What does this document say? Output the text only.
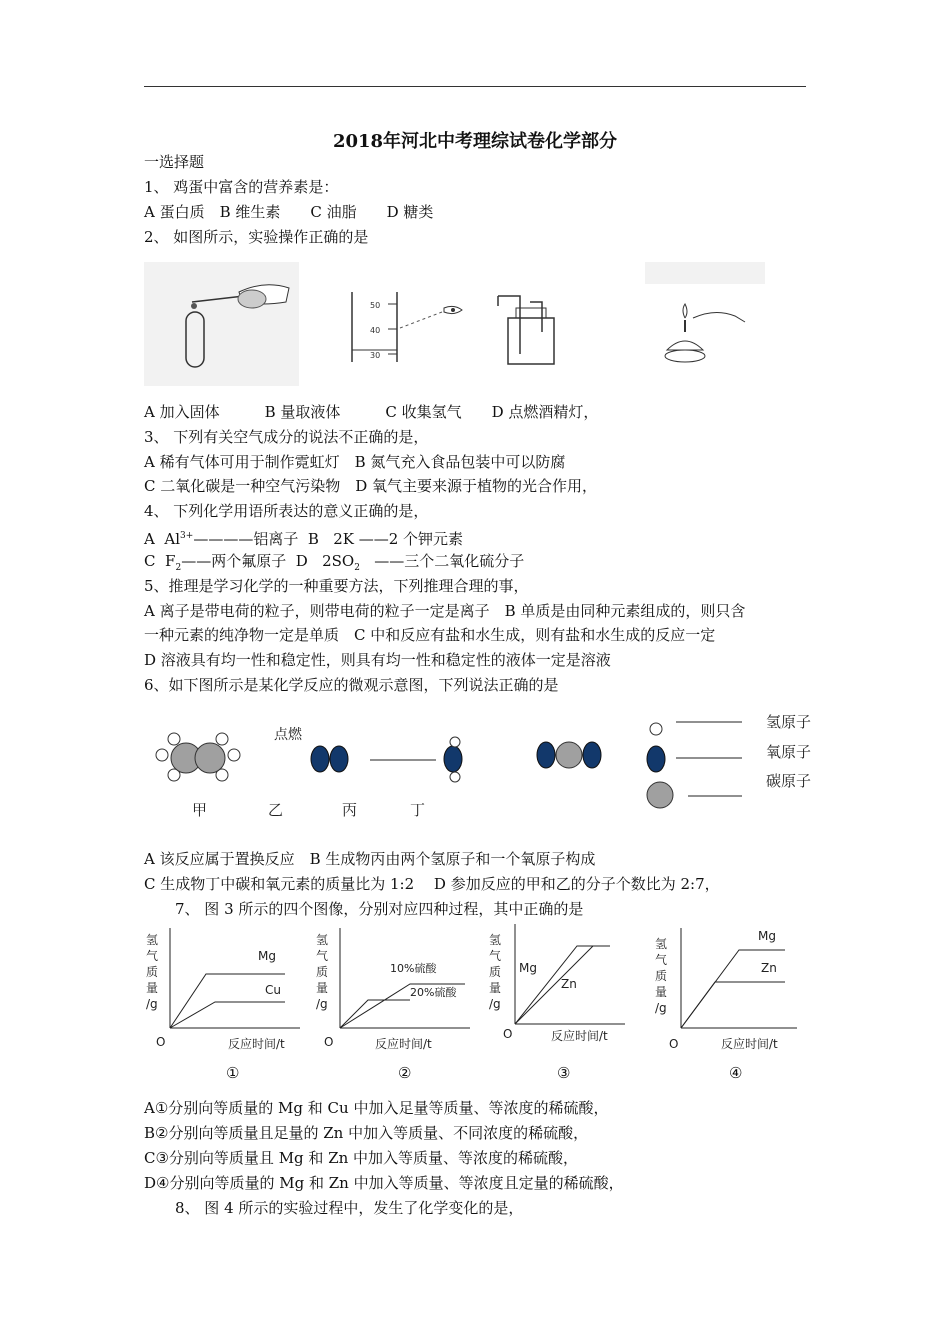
2018年河北中考理综试卷化学部分
一选择题
1、 鸡蛋中富含的营养素是：
A 蛋白质　B 维生素　　C 油脂　　D 糖类
2、 如图所示，实验操作正确的是
50
40
30
A 加入固体　　　B 量取液体　　　C 收集氢气　　D 点燃酒精灯，
3、 下列有关空气成分的说法不正确的是，
A 稀有气体可用于制作霓虹灯　B 氮气充入食品包装中可以防腐
C 二氧化碳是一种空气污染物　D 氧气主要来源于植物的光合作用，
4、 下列化学用语所表达的意义正确的是，
A $Al^{3+}————$铝离子 B 2K ——2 个钾元素
C $F_2——$两个氟原子 D $2SO_2$ ——三个二氧化硫分子
5、推理是学习化学的一种重要方法，下列推理合理的事，
A 离子是带电荷的粒子，则带电荷的粒子一定是离子　B 单质是由同种元素组成的，则只含
一种元素的纯净物一定是单质　C 中和反应有盐和水生成，则有盐和水生成的反应一定
D 溶液具有均一性和稳定性，则具有均一性和稳定性的液体一定是溶液
6、如下图所示是某化学反应的微观示意图，下列说法正确的是
点燃
甲	乙	丙	丁
氢原子
氧原子
碳原子
A 该反应属于置换反应　B 生成物丙由两个氢原子和一个氧原子构成
C 生成物丁中碳和氧元素的质量比为 1:2　 D 参加反应的甲和乙的分子个数比为 2:7，
7、 图 3 所示的四个图像，分别对应四种过程，其中正确的是
氢
气
质
量
/g
O	反应时间/t
Mg
Cu
氢
气
质
量
/g
O	反应时间/t
10%硫酸
20%硫酸
氢
气
质
量
/g
O	反应时间/t
Mg
Zn
氢
气
质
量
/g
O	反应时间/t
Mg
Zn
①	②	③	④
A①分别向等质量的 Mg 和 Cu 中加入足量等质量、等浓度的稀硫酸，
B②分别向等质量且足量的 Zn 中加入等质量、不同浓度的稀硫酸，
C③分别向等质量且 Mg 和 Zn 中加入等质量、等浓度的稀硫酸，
D④分别向等质量的 Mg 和 Zn 中加入等质量、等浓度且定量的稀硫酸，
8、 图 4 所示的实验过程中，发生了化学变化的是，
